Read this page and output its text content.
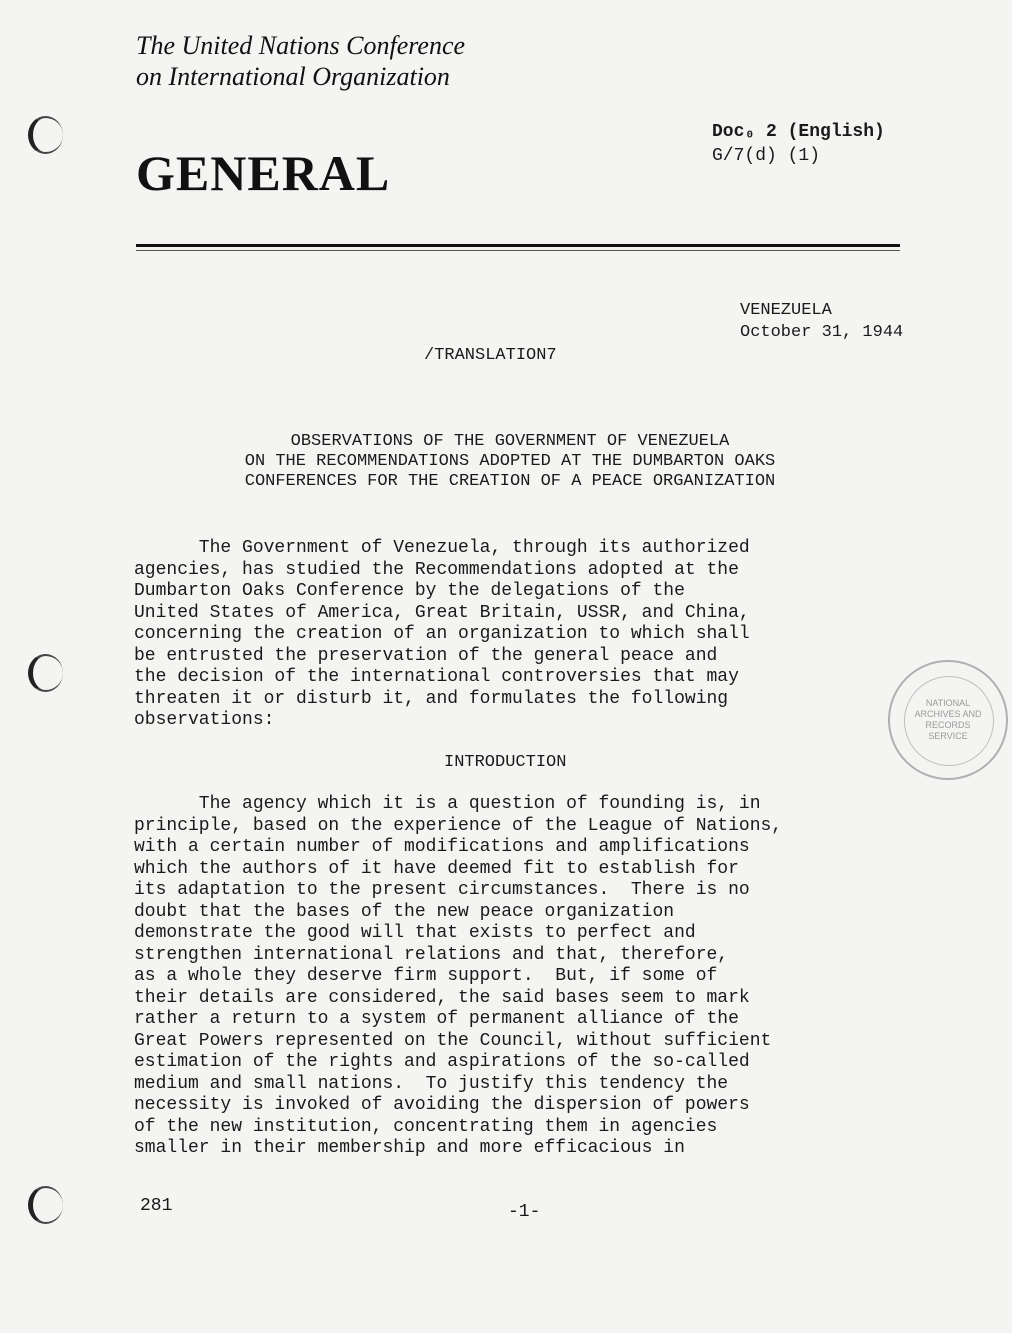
The United Nations Conference
on International Organization
GENERAL
Doc₀ 2 (English)
G/7(d) (1)
VENEZUELA
October 31, 1944
/TRANSLATION7
OBSERVATIONS OF THE GOVERNMENT OF VENEZUELA
ON THE RECOMMENDATIONS ADOPTED AT THE DUMBARTON OAKS
CONFERENCES FOR THE CREATION OF A PEACE ORGANIZATION
The Government of Venezuela, through its authorized
agencies, has studied the Recommendations adopted at the
Dumbarton Oaks Conference by the delegations of the
United States of America, Great Britain, USSR, and China,
concerning the creation of an organization to which shall
be entrusted the preservation of the general peace and
the decision of the international controversies that may
threaten it or disturb it, and formulates the following
observations:
INTRODUCTION
The agency which it is a question of founding is, in
principle, based on the experience of the League of Nations,
with a certain number of modifications and amplifications
which the authors of it have deemed fit to establish for
its adaptation to the present circumstances.  There is no
doubt that the bases of the new peace organization
demonstrate the good will that exists to perfect and
strengthen international relations and that, therefore,
as a whole they deserve firm support.  But, if some of
their details are considered, the said bases seem to mark
rather a return to a system of permanent alliance of the
Great Powers represented on the Council, without sufficient
estimation of the rights and aspirations of the so-called
medium and small nations.  To justify this tendency the
necessity is invoked of avoiding the dispersion of powers
of the new institution, concentrating them in agencies
smaller in their membership and more efficacious in
NATIONAL
ARCHIVES AND
RECORDS
SERVICE
281	-1-
